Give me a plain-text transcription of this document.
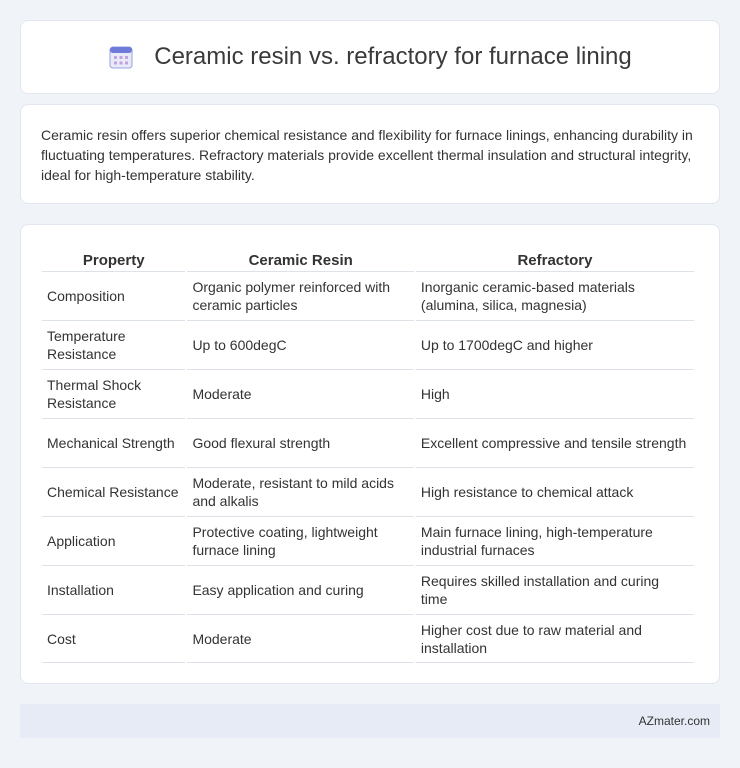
Ceramic resin vs. refractory for furnace lining

Ceramic resin offers superior chemical resistance and flexibility for furnace linings, enhancing durability in fluctuating temperatures. Refractory materials provide excellent thermal insulation and structural integrity, ideal for high-temperature stability.

Property	Ceramic Resin	Refractory
Composition	Organic polymer reinforced with ceramic particles	Inorganic ceramic-based materials (alumina, silica, magnesia)
Temperature Resistance	Up to 600degC	Up to 1700degC and higher
Thermal Shock Resistance	Moderate	High
Mechanical Strength	Good flexural strength	Excellent compressive and tensile strength
Chemical Resistance	Moderate, resistant to mild acids and alkalis	High resistance to chemical attack
Application	Protective coating, lightweight furnace lining	Main furnace lining, high-temperature industrial furnaces
Installation	Easy application and curing	Requires skilled installation and curing time
Cost	Moderate	Higher cost due to raw material and installation
AZmater.com
